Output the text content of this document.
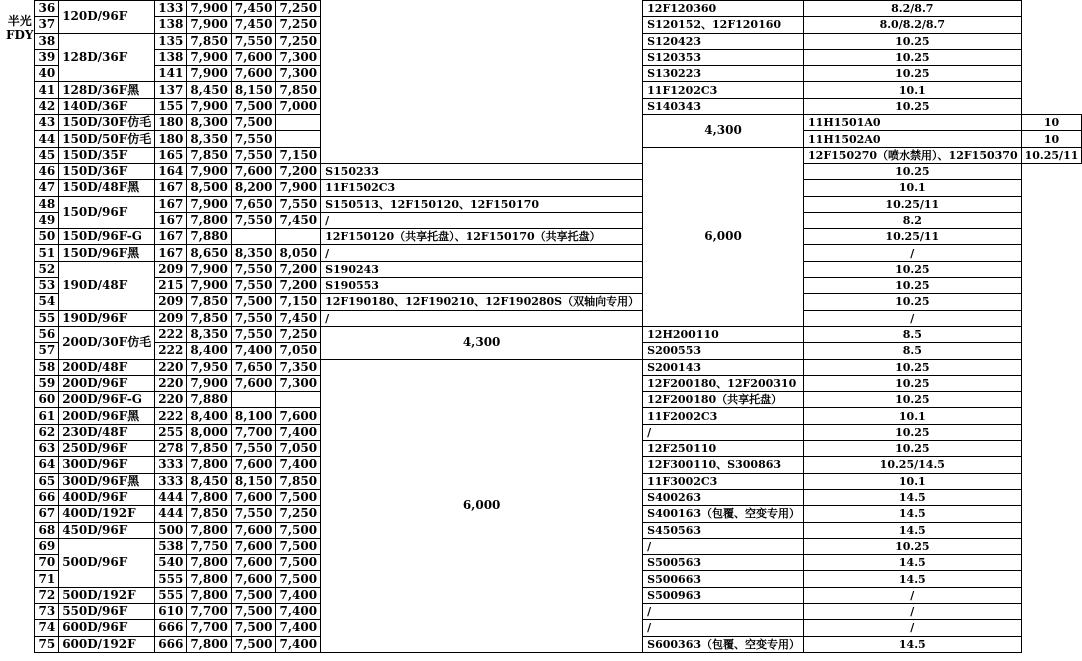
半光
FDY

	36	120D/96F	133	7,900	7,450	7,250		12F120360	8.2/8.7	
	37		138	7,900	7,450	7,250		S120152、12F120160	8.0/8.2/8.7	
	38	128D/36F	135	7,850	7,550	7,250		S120423	10.25	
	39		138	7,900	7,600	7,300		S120353	10.25	
	40		141	7,900	7,600	7,300		S130223	10.25	
	41	128D/36F黑	137	8,450	8,150	7,850		11F1202C3	10.1	
	42	140D/36F	155	7,900	7,500	7,000		S140343	10.25	
	43	150D/30F仿毛	180	8,300	7,500			4,300	11H1501A0	10
	44	150D/50F仿毛	180	8,350	7,550				11H1502A0	10
	45	150D/35F	165	7,850	7,550	7,150		6,000	12F150270（喷水禁用）、12F150370	10.25/11
	46	150D/36F	164	7,900	7,600	7,200	S150233		10.25	
	47	150D/48F黑	167	8,500	8,200	7,900	11F1502C3		10.1	
	48	150D/96F	167	7,900	7,650	7,550	S150513、12F150120、12F150170		10.25/11	
	49		167	7,800	7,550	7,450	/		8.2	
	50	150D/96F-G	167	7,880			12F150120（共享托盘）、12F150170（共享托盘）		10.25/11	
	51	150D/96F黑	167	8,650	8,350	8,050	/		/	
	52	190D/48F	209	7,900	7,550	7,200	S190243		10.25	
	53		215	7,900	7,550	7,200	S190553		10.25	
	54		209	7,850	7,500	7,150	12F190180、12F190210、12F190280S（双轴向专用）		10.25	
	55	190D/96F	209	7,850	7,550	7,450	/		/	
	56	200D/30F仿毛	222	8,350	7,550	7,250	4,300	12H200110	8.5	
	57		222	8,400	7,400	7,050		S200553	8.5	
	58	200D/48F	220	7,950	7,650	7,350	6,000	S200143	10.25	
	59	200D/96F	220	7,900	7,600	7,300		12F200180、12F200310	10.25	
	60	200D/96F-G	220	7,880				12F200180（共享托盘）	10.25	
	61	200D/96F黑	222	8,400	8,100	7,600		11F2002C3	10.1	
	62	230D/48F	255	8,000	7,700	7,400		/	10.25	
	63	250D/96F	278	7,850	7,550	7,050		12F250110	10.25	
	64	300D/96F	333	7,800	7,600	7,400		12F300110、S300863	10.25/14.5	
	65	300D/96F黑	333	8,450	8,150	7,850		11F3002C3	10.1	
	66	400D/96F	444	7,800	7,600	7,500		S400263	14.5	
	67	400D/192F	444	7,850	7,550	7,250		S400163（包覆、空变专用）	14.5	
	68	450D/96F	500	7,800	7,600	7,500		S450563	14.5	
	69	500D/96F	538	7,750	7,600	7,500		/	10.25	
	70		540	7,800	7,600	7,500		S500563	14.5	
	71		555	7,800	7,600	7,500		S500663	14.5	
	72	500D/192F	555	7,800	7,500	7,400		S500963	/	
	73	550D/96F	610	7,700	7,500	7,400		/	/	
	74	600D/96F	666	7,700	7,500	7,400		/	/	
	75	600D/192F	666	7,800	7,500	7,400		S600363（包覆、空变专用）	14.5	
